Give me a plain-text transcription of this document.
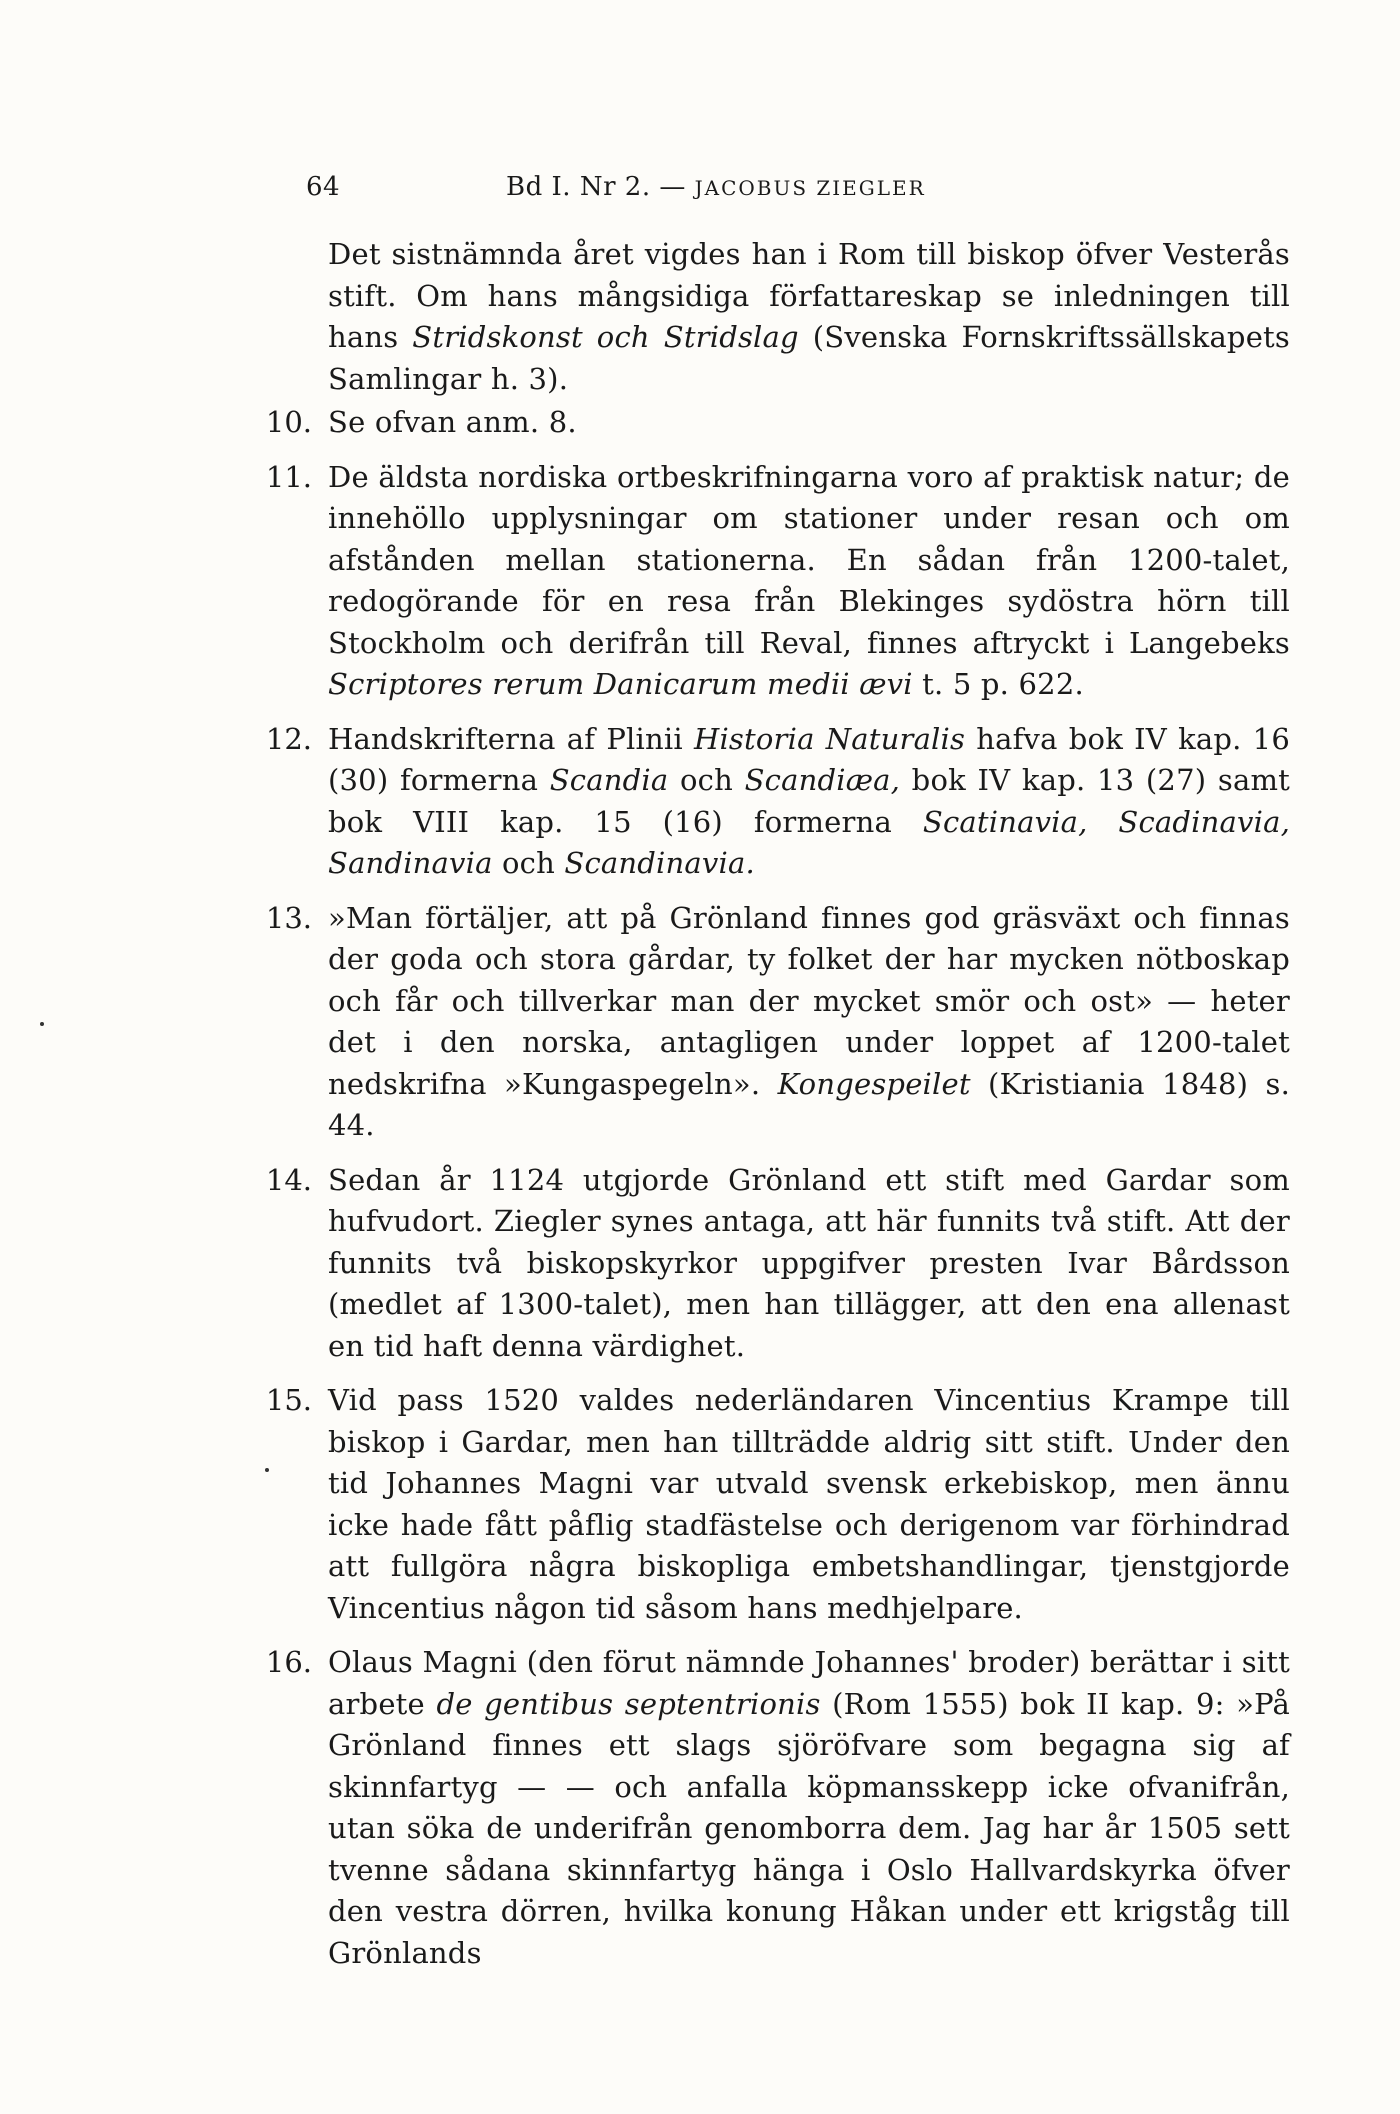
64	Bd I. Nr 2. — JACOBUS ZIEGLER
Det sistnämnda året vigdes han i Rom till biskop öfver Vesterås stift. Om hans mångsidiga författareskap se inledningen till hans Stridskonst och Stridslag (Svenska Fornskriftssällskapets Samlingar h. 3).
10. Se ofvan anm. 8.
11. De äldsta nordiska ortbeskrifningarna voro af praktisk natur; de innehöllo upplysningar om stationer under resan och om afstånden mellan stationerna. En sådan från 1200-talet, redogörande för en resa från Blekinges sydöstra hörn till Stockholm och derifrån till Reval, finnes aftryckt i Langebeks Scriptores rerum Danicarum medii ævi t. 5 p. 622.
12. Handskrifterna af Plinii Historia Naturalis hafva bok IV kap. 16 (30) formerna Scandia och Scandiæa, bok IV kap. 13 (27) samt bok VIII kap. 15 (16) formerna Scatinavia, Scadinavia, Sandinavia och Scandinavia.
13. »Man förtäljer, att på Grönland finnes god gräsväxt och finnas der goda och stora gårdar, ty folket der har mycken nötboskap och får och tillverkar man der mycket smör och ost» — heter det i den norska, antagligen under loppet af 1200-talet nedskrifna »Kungaspegeln». Kongespeilet (Kristiania 1848) s. 44.
14. Sedan år 1124 utgjorde Grönland ett stift med Gardar som hufvudort. Ziegler synes antaga, att här funnits två stift. Att der funnits två biskopskyrkor uppgifver presten Ivar Bårdsson (medlet af 1300-talet), men han tillägger, att den ena allenast en tid haft denna värdighet.
15. Vid pass 1520 valdes nederländaren Vincentius Krampe till biskop i Gardar, men han tillträdde aldrig sitt stift. Under den tid Johannes Magni var utvald svensk erkebiskop, men ännu icke hade fått påflig stadfästelse och derigenom var förhindrad att fullgöra några biskopliga embetshandlingar, tjenstgjorde Vincentius någon tid såsom hans medhjelpare.
16. Olaus Magni (den förut nämnde Johannes' broder) berättar i sitt arbete de gentibus septentrionis (Rom 1555) bok II kap. 9: »På Grönland finnes ett slags sjöröfvare som begagna sig af skinnfartyg — — och anfalla köpmansskepp icke ofvanifrån, utan söka de underifrån genomborra dem. Jag har år 1505 sett tvenne sådana skinnfartyg hänga i Oslo Hallvardskyrka öfver den vestra dörren, hvilka konung Håkan under ett krigståg till Grönlands
